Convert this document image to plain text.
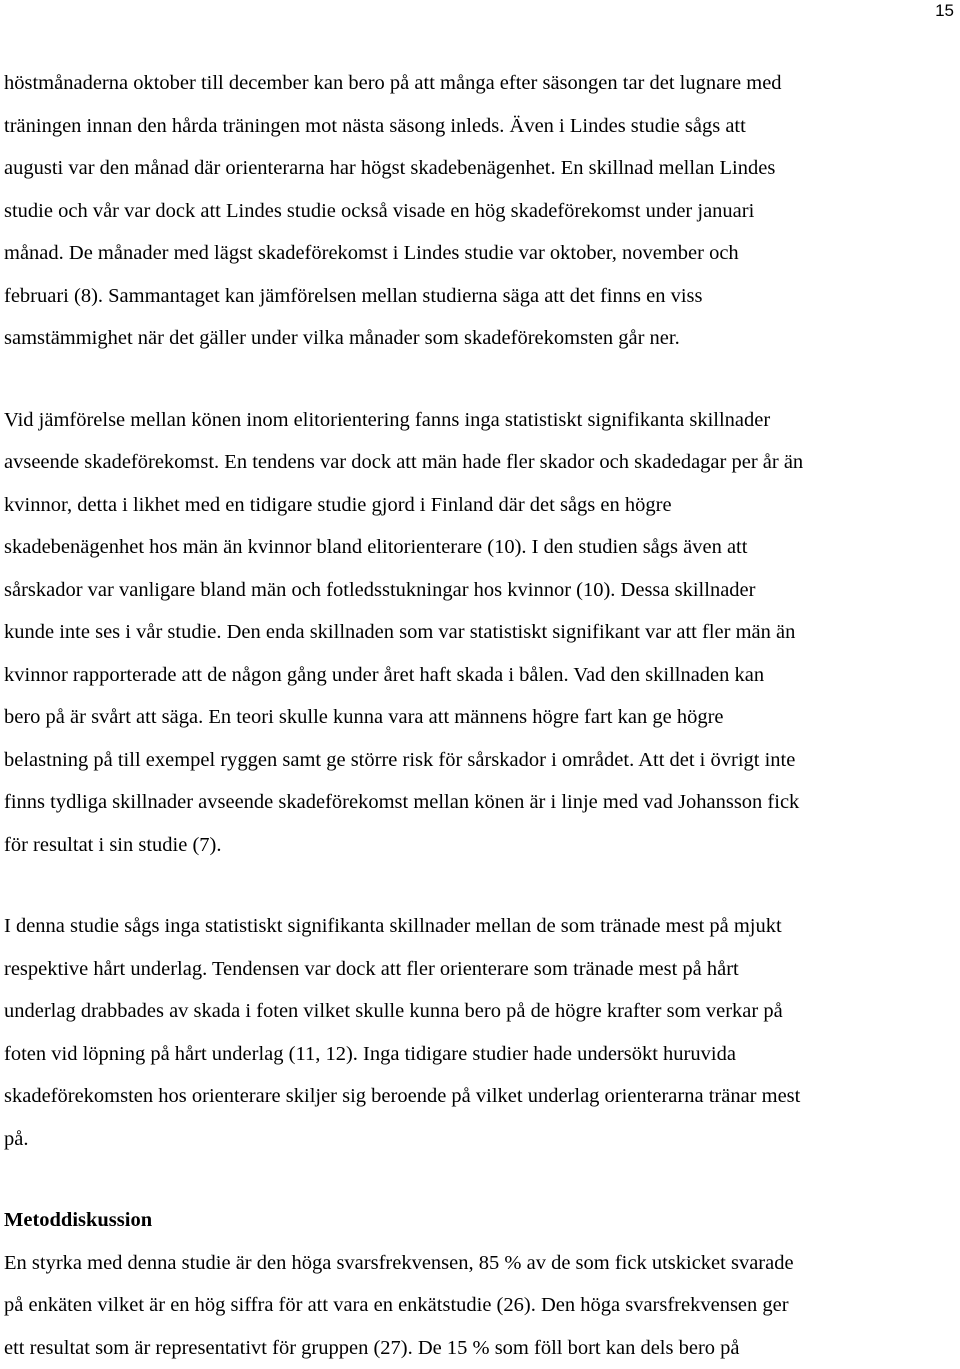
15

höstmånaderna oktober till december kan bero på att många efter säsongen tar det lugnare med
träningen innan den hårda träningen mot nästa säsong inleds. Även i Lindes studie sågs att
augusti var den månad där orienterarna har högst skadebenägenhet. En skillnad mellan Lindes
studie och vår var dock att Lindes studie också visade en hög skadeförekomst under januari
månad. De månader med lägst skadeförekomst i Lindes studie var oktober, november och
februari (8). Sammantaget kan jämförelsen mellan studierna säga att det finns en viss
samstämmighet när det gäller under vilka månader som skadeförekomsten går ner.

Vid jämförelse mellan könen inom elitorientering fanns inga statistiskt signifikanta skillnader
avseende skadeförekomst. En tendens var dock att män hade fler skador och skadedagar per år än
kvinnor, detta i likhet med en tidigare studie gjord i Finland där det sågs en högre
skadebenägenhet hos män än kvinnor bland elitorienterare (10). I den studien sågs även att
sårskador var vanligare bland män och fotledsstukningar hos kvinnor (10). Dessa skillnader
kunde inte ses i vår studie. Den enda skillnaden som var statistiskt signifikant var att fler män än
kvinnor rapporterade att de någon gång under året haft skada i bålen. Vad den skillnaden kan
bero på är svårt att säga. En teori skulle kunna vara att männens högre fart kan ge högre
belastning på till exempel ryggen samt ge större risk för sårskador i området. Att det i övrigt inte
finns tydliga skillnader avseende skadeförekomst mellan könen är i linje med vad Johansson fick
för resultat i sin studie (7).

I denna studie sågs inga statistiskt signifikanta skillnader mellan de som tränade mest på mjukt
respektive hårt underlag. Tendensen var dock att fler orienterare som tränade mest på hårt
underlag drabbades av skada i foten vilket skulle kunna bero på de högre krafter som verkar på
foten vid löpning på hårt underlag (11, 12). Inga tidigare studier hade undersökt huruvida
skadeförekomsten hos orienterare skiljer sig beroende på vilket underlag orienterarna tränar mest
på.

Metoddiskussion

En styrka med denna studie är den höga svarsfrekvensen, 85 % av de som fick utskicket svarade
på enkäten vilket är en hög siffra för att vara en enkätstudie (26). Den höga svarsfrekvensen ger
ett resultat som är representativt för gruppen (27). De 15 % som föll bort kan dels bero på
